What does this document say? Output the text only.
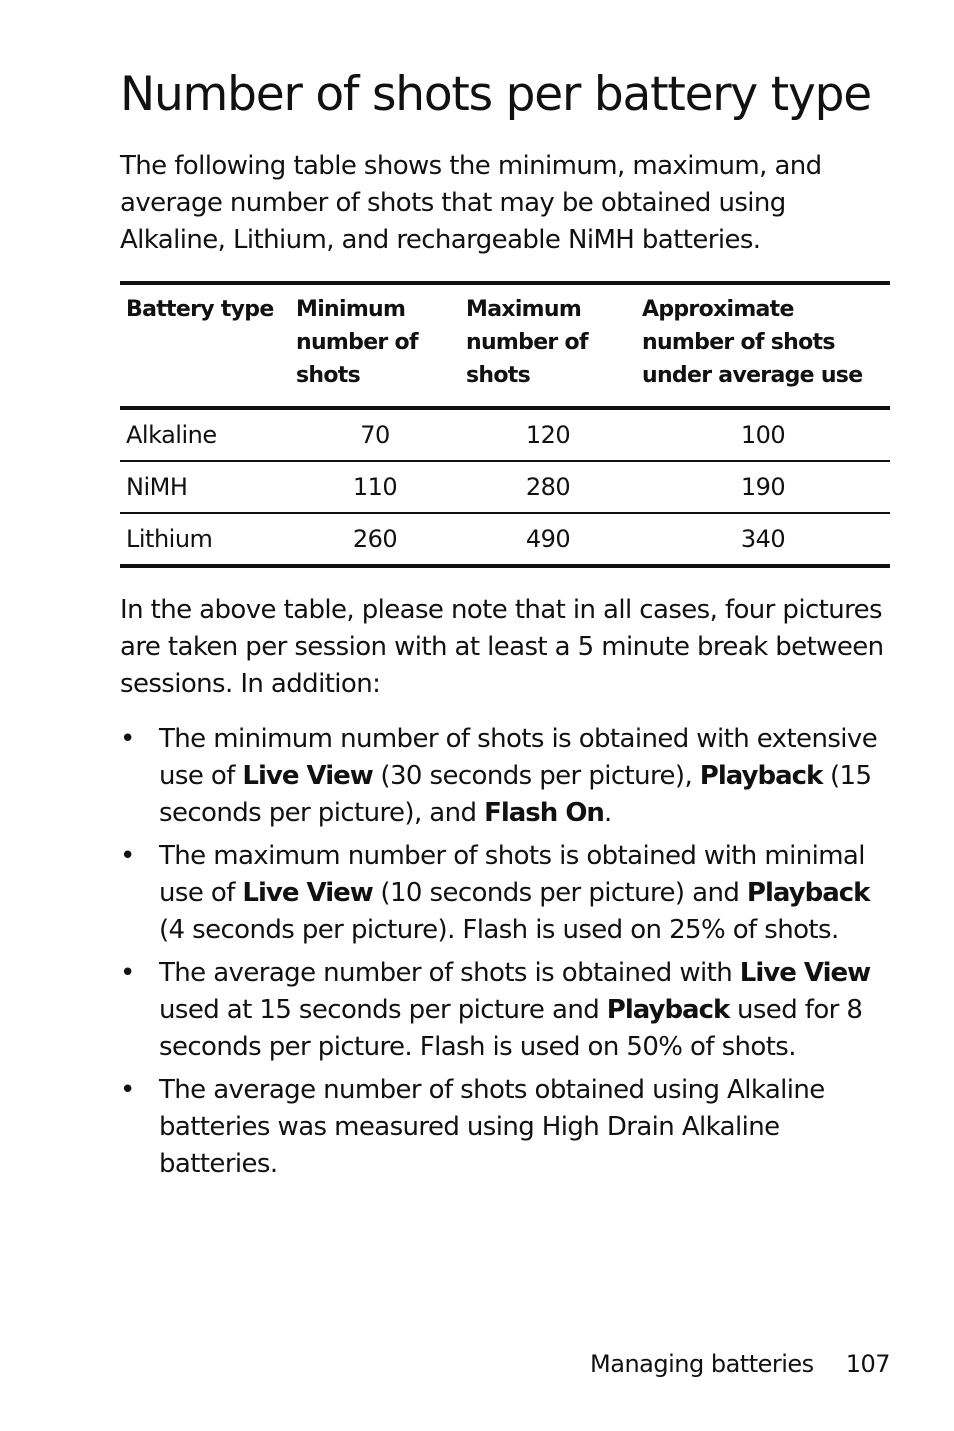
Number of shots per battery type

The following table shows the minimum, maximum, and average number of shots that may be obtained using Alkaline, Lithium, and rechargeable NiMH batteries.

Battery type	Minimum number of shots	Maximum number of shots	Approximate number of shots under average use
Alkaline	70	120	100
NiMH	110	280	190
Lithium	260	490	340

In the above table, please note that in all cases, four pictures are taken per session with at least a 5 minute break between sessions. In addition:

• The minimum number of shots is obtained with extensive use of Live View (30 seconds per picture), Playback (15 seconds per picture), and Flash On.
• The maximum number of shots is obtained with minimal use of Live View (10 seconds per picture) and Playback (4 seconds per picture). Flash is used on 25% of shots.
• The average number of shots is obtained with Live View used at 15 seconds per picture and Playback used for 8 seconds per picture. Flash is used on 50% of shots.
• The average number of shots obtained using Alkaline batteries was measured using High Drain Alkaline batteries.
Managing batteries 107
